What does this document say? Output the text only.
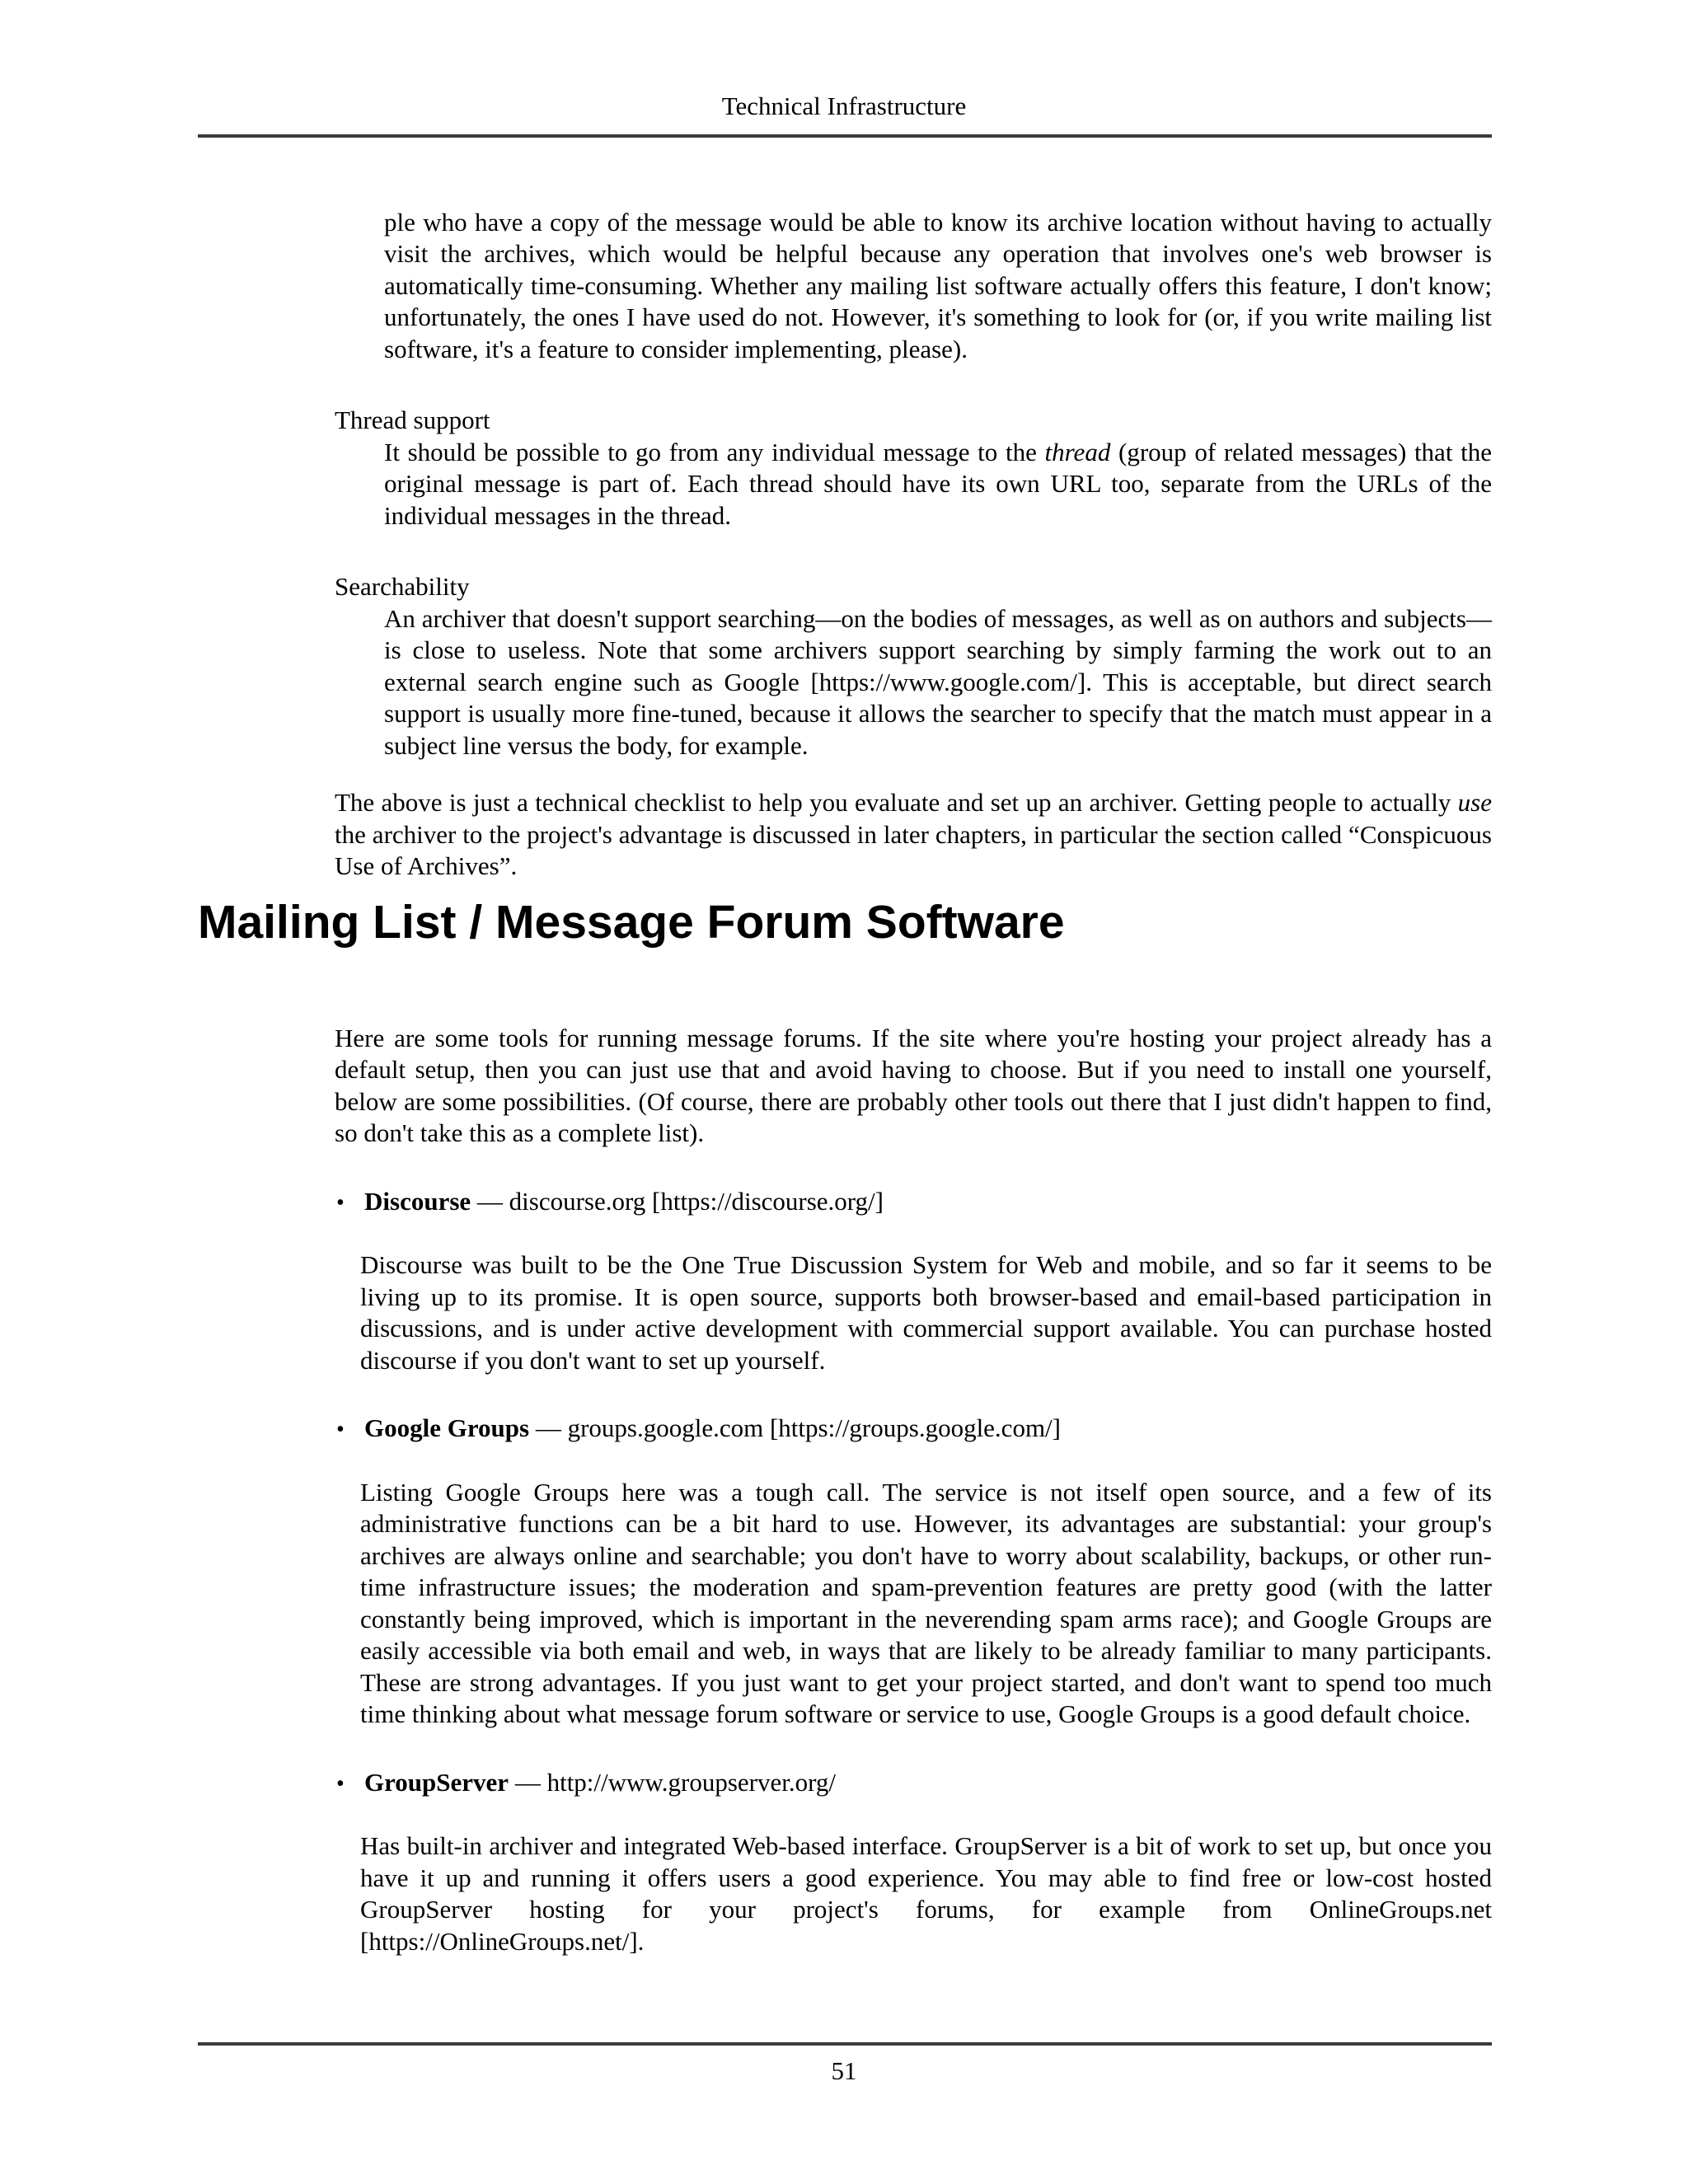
Technical Infrastructure

ple who have a copy of the message would be able to know its archive location without having to actually visit the archives, which would be helpful because any operation that involves one's web browser is automatically time-consuming. Whether any mailing list software actually offers this feature, I don't know; unfortunately, the ones I have used do not. However, it's something to look for (or, if you write mailing list software, it's a feature to consider implementing, please).

Thread support

It should be possible to go from any individual message to the thread (group of related messages) that the original message is part of. Each thread should have its own URL too, separate from the URLs of the individual messages in the thread.

Searchability

An archiver that doesn't support searching—on the bodies of messages, as well as on authors and subjects—is close to useless. Note that some archivers support searching by simply farming the work out to an external search engine such as Google [https://www.google.com/]. This is acceptable, but direct search support is usually more fine-tuned, because it allows the searcher to specify that the match must appear in a subject line versus the body, for example.

The above is just a technical checklist to help you evaluate and set up an archiver. Getting people to actually use the archiver to the project's advantage is discussed in later chapters, in particular the section called “Conspicuous Use of Archives”.

Mailing List / Message Forum Software

Here are some tools for running message forums. If the site where you're hosting your project already has a default setup, then you can just use that and avoid having to choose. But if you need to install one yourself, below are some possibilities. (Of course, there are probably other tools out there that I just didn't happen to find, so don't take this as a complete list).

• Discourse — discourse.org [https://discourse.org/]

Discourse was built to be the One True Discussion System for Web and mobile, and so far it seems to be living up to its promise. It is open source, supports both browser-based and email-based participation in discussions, and is under active development with commercial support available. You can purchase hosted discourse if you don't want to set up yourself.

• Google Groups — groups.google.com [https://groups.google.com/]

Listing Google Groups here was a tough call. The service is not itself open source, and a few of its administrative functions can be a bit hard to use. However, its advantages are substantial: your group's archives are always online and searchable; you don't have to worry about scalability, backups, or other run-time infrastructure issues; the moderation and spam-prevention features are pretty good (with the latter constantly being improved, which is important in the neverending spam arms race); and Google Groups are easily accessible via both email and web, in ways that are likely to be already familiar to many participants. These are strong advantages. If you just want to get your project started, and don't want to spend too much time thinking about what message forum software or service to use, Google Groups is a good default choice.

• GroupServer — http://www.groupserver.org/

Has built-in archiver and integrated Web-based interface. GroupServer is a bit of work to set up, but once you have it up and running it offers users a good experience. You may able to find free or low-cost hosted GroupServer hosting for your project's forums, for example from OnlineGroups.net [https://OnlineGroups.net/].

51
